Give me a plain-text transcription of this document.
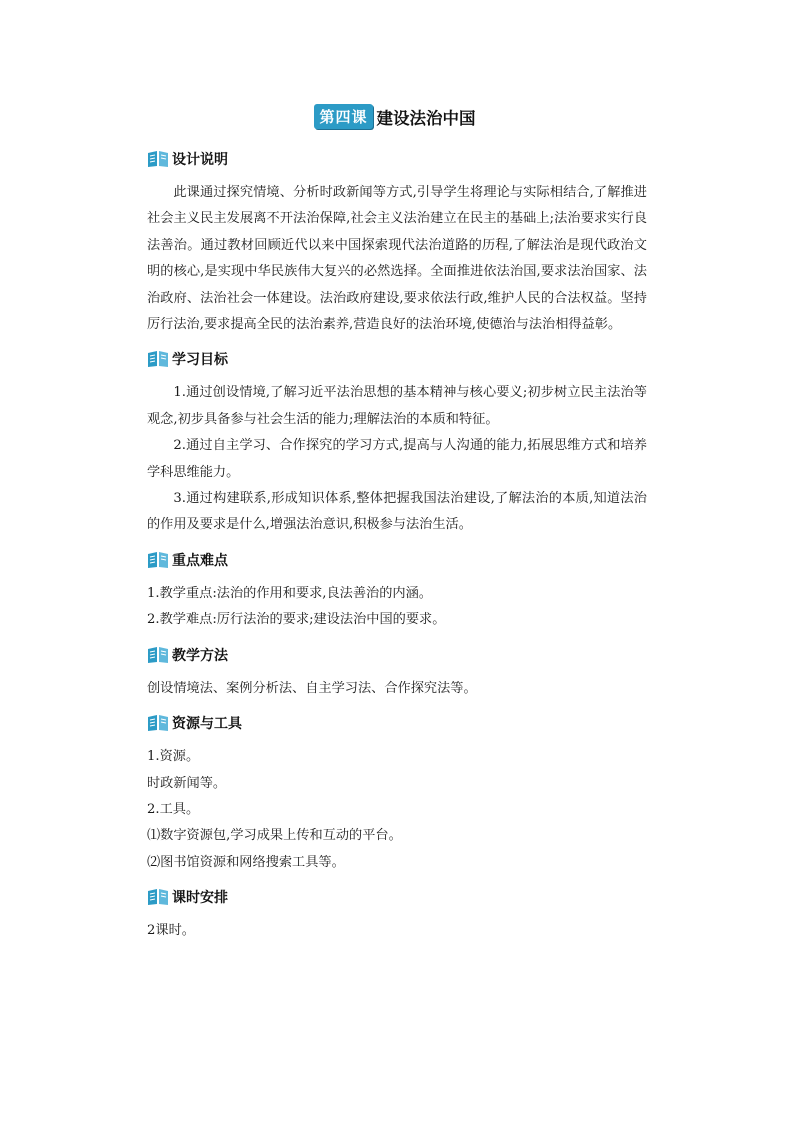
第四课 建设法治中国
设计说明

此课通过探究情境、分析时政新闻等方式,引导学生将理论与实际相结合,了解推进社会主义民主发展离不开法治保障,社会主义法治建立在民主的基础上;法治要求实行良法善治。通过教材回顾近代以来中国探索现代法治道路的历程,了解法治是现代政治文明的核心,是实现中华民族伟大复兴的必然选择。全面推进依法治国,要求法治国家、法治政府、法治社会一体建设。法治政府建设,要求依法行政,维护人民的合法权益。坚持厉行法治,要求提高全民的法治素养,营造良好的法治环境,使德治与法治相得益彰。

学习目标

1.通过创设情境,了解习近平法治思想的基本精神与核心要义;初步树立民主法治等观念,初步具备参与社会生活的能力;理解法治的本质和特征。

2.通过自主学习、合作探究的学习方式,提高与人沟通的能力,拓展思维方式和培养学科思维能力。

3.通过构建联系,形成知识体系,整体把握我国法治建设,了解法治的本质,知道法治的作用及要求是什么,增强法治意识,积极参与法治生活。

重点难点

1.教学重点:法治的作用和要求,良法善治的内涵。

2.教学难点:厉行法治的要求;建设法治中国的要求。

教学方法

创设情境法、案例分析法、自主学习法、合作探究法等。

资源与工具

1.资源。

时政新闻等。

2.工具。

⑴数字资源包,学习成果上传和互动的平台。

⑵图书馆资源和网络搜索工具等。

课时安排

2课时。
